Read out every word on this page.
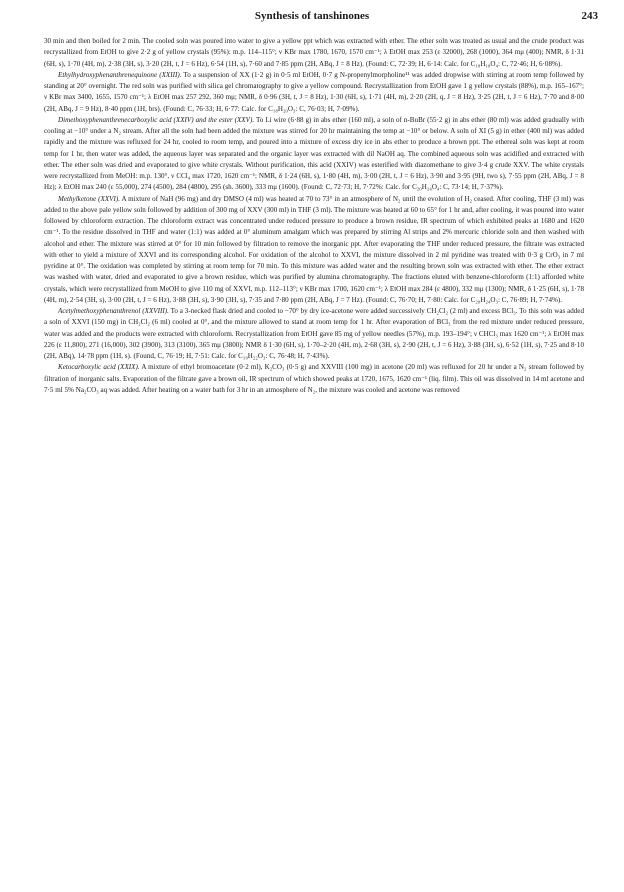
Synthesis of tanshinones	243

30 min and then boiled for 2 min. The cooled soln was poured into water to give a yellow ppt which was extracted with ether. The ether soln was treated as usual and the crude product was recrystallized from EtOH to give 2·2 g of yellow crystals (95%): m.p. 114–115°; ν KBr max 1780, 1670, 1570 cm⁻¹; λ EtOH max 253 (ε 32000), 268 (1000), 364 mμ (400); NMR, δ 1·31 (6H, s), 1·70 (4H, m), 2·38 (3H, s), 3·20 (2H, t, J = 6 Hz), 6·54 (1H, s), 7·60 and 7·85 ppm (2H, ABq, J = 8 Hz). (Found: C, 72·39; H, 6·14: Calc. for C₁₈H₁₈O₄: C, 72·46; H, 6·08%).

Ethylhydroxyphenanthrenequinone (XXIII). To a suspension of XX (1·2 g) in 0·5 ml EtOH, 0·7 g N-propenylmorpholine¹¹ was added dropwise with stirring at room temp followed by standing at 20° overnight. The red soln was purified with silica gel chromatography to give a yellow compound. Recrystallization from EtOH gave 1 g yellow crystals (88%), m.p. 165–167°; ν KBr max 3400, 1655, 1570 cm⁻¹; λ EtOH max 257 292, 360 mμ; NMR, δ 0·96 (3H, t, J = 8 Hz), 1·30 (6H, s), 1·71 (4H, m), 2·20 (2H, q, J = 8 Hz), 3·25 (2H, t, J = 6 Hz), 7·70 and 8·00 (2H, ABq, J = 9 Hz), 8·40 ppm (1H, brs). (Found: C, 76·33; H, 6·77: Calc. for C₁₈H₂₀O₃: C, 76·03; H, 7·09%).

Dimethoxyphenanthrenecarboxylic acid (XXIV) and the ester (XXV). To Li wire (6·88 g) in abs ether (160 ml), a soln of n-BuBr (55·2 g) in abs ether (80 ml) was added gradually with cooling at −10° under a N₂ stream. After all the soln had been added the mixture was stirred for 20 hr maintaining the temp at −10° or below. A soln of XI (5 g) in ether (400 ml) was added rapidly and the mixture was refluxed for 24 hr, cooled to room temp, and poured into a mixture of excess dry ice in abs ether to produce a brown ppt. The ethereal soln was kept at room temp for 1 hr, then water was added, the aqueous layer was separated and the organic layer was extracted with dil NaOH aq. The combined aqueous soln was acidified and extracted with ether. The ether soln was dried and evaporated to give white crystals. Without purification, this acid (XXIV) was esterified with diazomethane to give 3·4 g crude XXV. The white crystals were recrystallized from MeOH: m.p. 130°, ν CCl₄ max 1720, 1620 cm⁻¹; NMR, δ 1·24 (6H, s), 1·80 (4H, m), 3·00 (2H, t, J = 6 Hz), 3·90 and 3·95 (9H, two s), 7·55 ppm (2H, ABq, J = 8 Hz); λ EtOH max 240 (ε 55,000), 274 (4500), 284 (4800), 295 (sh. 3600), 333 mμ (1600). (Found: C, 72·73; H, 7·72%: Calc. for C₂₀H₂₄O₄: C, 73·14; H, 7·37%).

Methylketone (XXVI). A mixture of NaH (96 mg) and dry DMSO (4 ml) was heated at 70 to 73° in an atmosphere of N₂ until the evolution of H₂ ceased. After cooling, THF (3 ml) was added to the above pale yellow soln followed by addition of 300 mg of XXV (300 ml) in THF (3 ml). The mixture was heated at 60 to 65° for 1 hr and, after cooling, it was poured into water followed by chloroform extraction. The chloroform extract was concentrated under reduced pressure to produce a brown residue, IR spectrum of which exhibited peaks at 1680 and 1620 cm⁻¹. To the residue dissolved in THF and water (1:1) was added at 0° aluminum amalgam which was prepared by stirring Al strips and 2% mercuric chloride soln and then washed with alcohol and ether. The mixture was stirred at 0° for 10 min followed by filtration to remove the inorganic ppt. After evaporating the THF under reduced pressure, the filtrate was extracted with ether to yield a mixture of XXVI and its corresponding alcohol. For oxidation of the alcohol to XXVI, the mixture dissolved in 2 ml pyridine was treated with 0·3 g CrO₃ in 7 ml pyridine at 0°. The oxidation was completed by stirring at room temp for 70 min. To this mixture was added water and the resulting brown soln was extracted with ether. The ether extract was washed with water, dried and evaporated to give a brown residue, which was purified by alumina chromatography. The fractions eluted with benzene-chloroform (1:1) afforded white crystals, which were recrystallized from MeOH to give 110 mg of XXVI, m.p. 112–113°; ν KBr max 1700, 1620 cm⁻¹; λ EtOH max 284 (ε 4800), 332 mμ (1300); NMR, δ 1·25 (6H, s), 1·78 (4H, m), 2·54 (3H, s), 3·00 (2H, t, J = 6 Hz), 3·88 (3H, s), 3·90 (3H, s), 7·35 and 7·80 ppm (2H, ABq, J = 7 Hz). (Found: C, 76·70; H, 7·80: Calc. for C₂₀H₂₄O₃: C, 76·89; H, 7·74%).

Acetylmethoxyphenanthrenol (XXVIII). To a 3-necked flask dried and cooled to −70° by dry ice-acetone were added successively CH₂Cl₂ (2 ml) and excess BCl₃. To this soln was added a soln of XXVI (150 mg) in CH₂Cl₂ (6 ml) cooled at 0°, and the mixture allowed to stand at room temp for 1 hr. After evaporation of BCl₃ from the red mixture under reduced pressure, water was added and the products were extracted with chloroform. Recrystallization from EtOH gave 85 mg of yellow needles (57%), m.p. 193–194°; ν CHCl₃ max 1620 cm⁻¹; λ EtOH max 226 (ε 11,800), 271 (16,000), 302 (3900), 313 (3100), 365 mμ (3800); NMR δ 1·30 (6H, s), 1·70–2·20 (4H, m), 2·68 (3H, s), 2·90 (2H, t, J = 6 Hz), 3·88 (3H, s), 6·52 (1H, s), 7·25 and 8·10 (2H, ABq), 14·78 ppm (1H, s). (Found, C, 76·19; H, 7·51: Calc. for C₁₉H₂₂O₃: C, 76·48; H, 7·43%).

Ketocarboxylic acid (XXIX). A mixture of ethyl bromoacetate (0·2 ml), K₂CO₃ (0·5 g) and XXVIII (100 mg) in acetone (20 ml) was refluxed for 20 hr under a N₂ stream followed by filtration of inorganic salts. Evaporation of the filtrate gave a brown oil, IR spectrum of which showed peaks at 1720, 1675, 1620 cm⁻¹ (liq. film). This oil was dissolved in 14 ml acetone and 7·5 ml 5% Na₂CO₃ aq was added. After heating on a water bath for 3 hr in an atmosphere of N₂, the mixture was cooled and acetone was removed
